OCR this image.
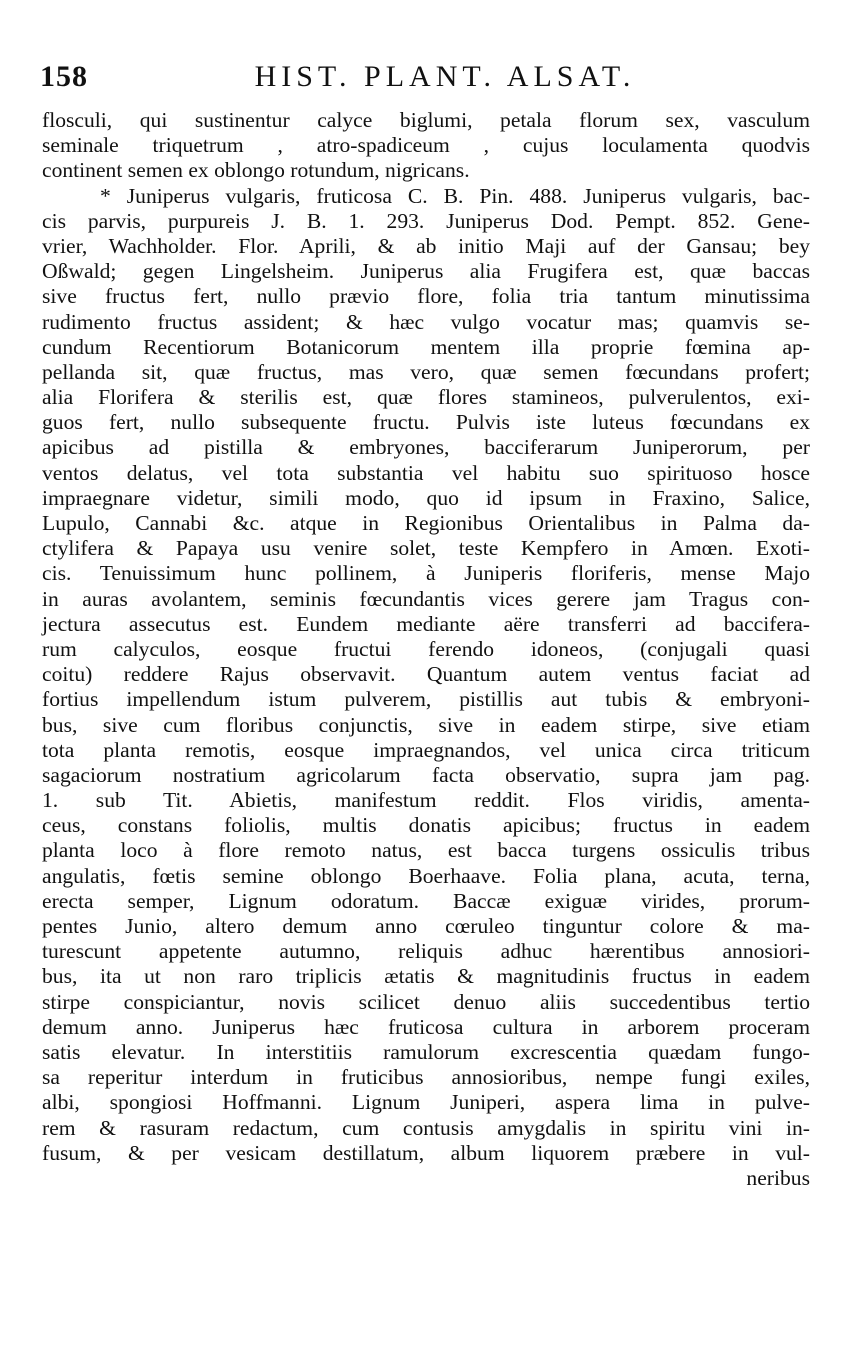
158	HIST. PLANT. ALSAT.
flosculi, qui sustinentur calyce biglumi, petala florum sex, vasculum
seminale triquetrum , atro-spadiceum , cujus loculamenta quodvis
continent semen ex oblongo rotundum, nigricans.
* Juniperus vulgaris, fruticosa C. B. Pin. 488. Juniperus vulgaris, bac-
cis parvis, purpureis J. B. 1. 293. Juniperus Dod. Pempt. 852. Gene-
vrier, Wachholder. Flor. Aprili, & ab initio Maji auf der Gansau; bey
Oßwald; gegen Lingelsheim. Juniperus alia Frugifera est, quæ baccas
sive fructus fert, nullo prævio flore, folia tria tantum minutissima
rudimento fructus assident; & hæc vulgo vocatur mas; quamvis se-
cundum Recentiorum Botanicorum mentem illa proprie fœmina ap-
pellanda sit, quæ fructus, mas vero, quæ semen fœcundans profert;
alia Florifera & sterilis est, quæ flores stamineos, pulverulentos, exi-
guos fert, nullo subsequente fructu. Pulvis iste luteus fœcundans ex
apicibus ad pistilla & embryones, bacciferarum Juniperorum, per
ventos delatus, vel tota substantia vel habitu suo spirituoso hosce
impraegnare videtur, simili modo, quo id ipsum in Fraxino, Salice,
Lupulo, Cannabi &c. atque in Regionibus Orientalibus in Palma da-
ctylifera & Papaya usu venire solet, teste Kempfero in Amœn. Exoti-
cis. Tenuissimum hunc pollinem, à Juniperis floriferis, mense Majo
in auras avolantem, seminis fœcundantis vices gerere jam Tragus con-
jectura assecutus est. Eundem mediante aëre transferri ad baccifera-
rum calyculos, eosque fructui ferendo idoneos, (conjugali quasi
coitu) reddere Rajus observavit. Quantum autem ventus faciat ad
fortius impellendum istum pulverem, pistillis aut tubis & embryoni-
bus, sive cum floribus conjunctis, sive in eadem stirpe, sive etiam
tota planta remotis, eosque impraegnandos, vel unica circa triticum
sagaciorum nostratium agricolarum facta observatio, supra jam pag.
1. sub Tit. Abietis, manifestum reddit. Flos viridis, amenta-
ceus, constans foliolis, multis donatis apicibus; fructus in eadem
planta loco à flore remoto natus, est bacca turgens ossiculis tribus
angulatis, fœtis semine oblongo Boerhaave. Folia plana, acuta, terna,
erecta semper, Lignum odoratum. Baccæ exiguæ virides, prorum-
pentes Junio, altero demum anno cœruleo tinguntur colore & ma-
turescunt appetente autumno, reliquis adhuc hærentibus annosiori-
bus, ita ut non raro triplicis ætatis & magnitudinis fructus in eadem
stirpe conspiciantur, novis scilicet denuo aliis succedentibus tertio
demum anno. Juniperus hæc fruticosa cultura in arborem proceram
satis elevatur. In interstitiis ramulorum excrescentia quædam fungo-
sa reperitur interdum in fruticibus annosioribus, nempe fungi exiles,
albi, spongiosi Hoffmanni. Lignum Juniperi, aspera lima in pulve-
rem & rasuram redactum, cum contusis amygdalis in spiritu vini in-
fusum, & per vesicam destillatum, album liquorem præbere in vul-
neribus
